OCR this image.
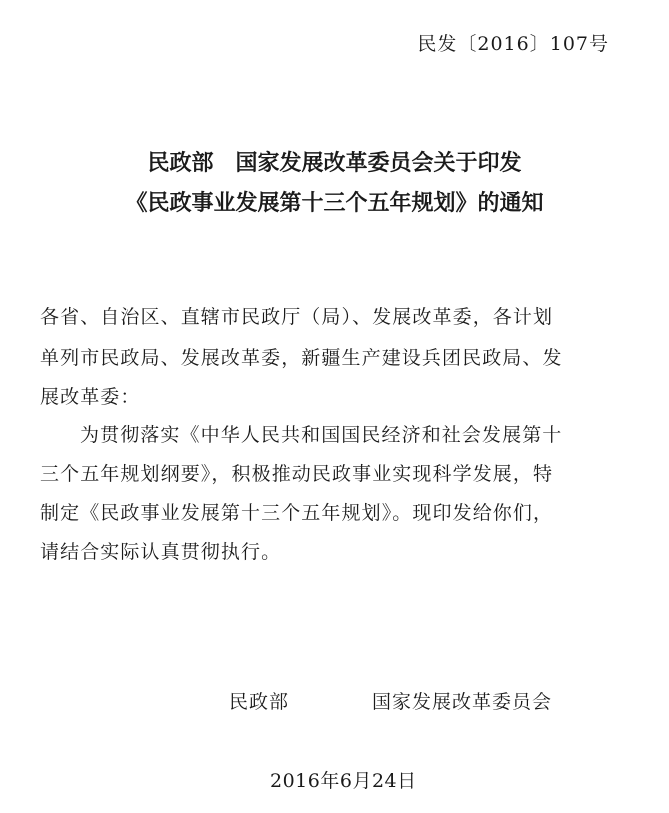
民发〔2016〕107号
民政部 国家发展改革委员会关于印发
《民政事业发展第十三个五年规划》的通知
各省、自治区、直辖市民政厅（局）、发展改革委，各计划
单列市民政局、发展改革委，新疆生产建设兵团民政局、发
展改革委：
为贯彻落实《中华人民共和国国民经济和社会发展第十
三个五年规划纲要》，积极推动民政事业实现科学发展，特
制定《民政事业发展第十三个五年规划》。现印发给你们，
请结合实际认真贯彻执行。
民政部	国家发展改革委员会
2016年6月24日
